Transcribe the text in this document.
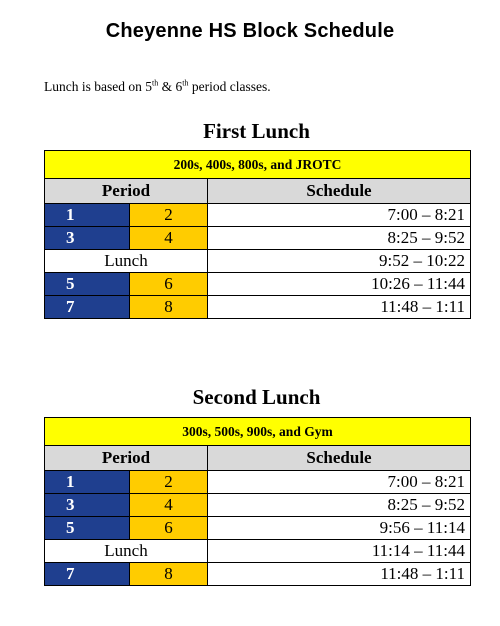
Cheyenne HS Block Schedule
Lunch is based on 5th & 6th period classes.
First Lunch
200s, 400s, 800s, and JROTC		
Period		Schedule
1	2	7:00 – 8:21
3	4	8:25 – 9:52
Lunch		9:52 – 10:22
5	6	10:26 – 11:44
7	8	11:48 – 1:11
Second Lunch
300s, 500s, 900s, and Gym		
Period		Schedule
1	2	7:00 – 8:21
3	4	8:25 – 9:52
5	6	9:56 – 11:14
Lunch		11:14 – 11:44
7	8	11:48 – 1:11
